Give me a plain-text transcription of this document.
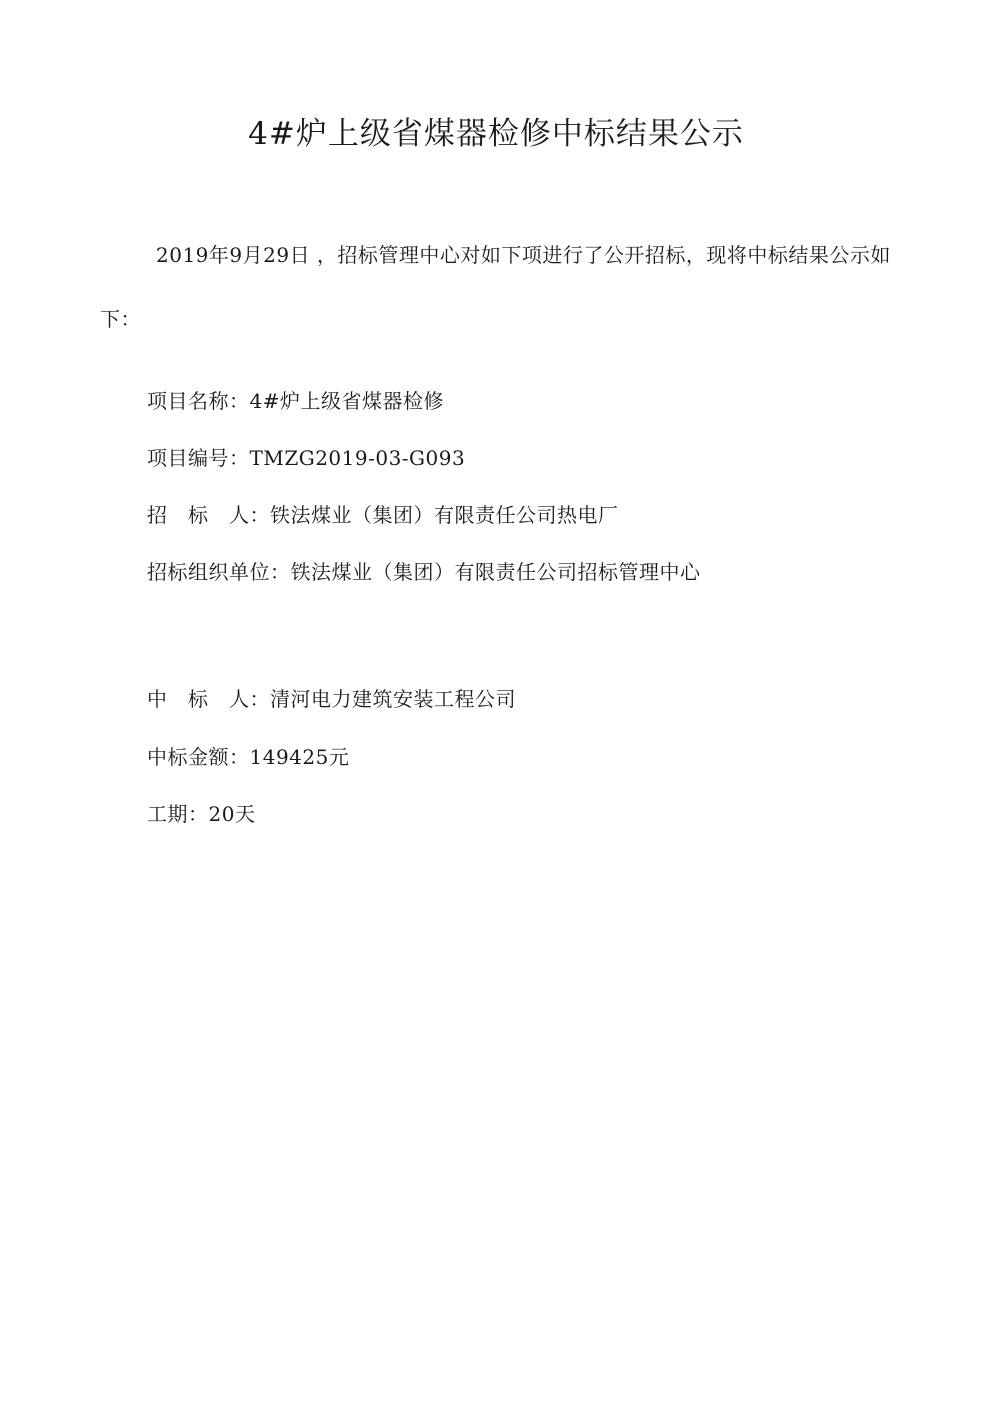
4#炉上级省煤器检修中标结果公示

2019年9月29日 ，招标管理中心对如下项进行了公开招标，现将中标结果公示如下：

项目名称：4#炉上级省煤器检修
项目编号：TMZG2019-03-G093
招　标　人：铁法煤业（集团）有限责任公司热电厂
招标组织单位：铁法煤业（集团）有限责任公司招标管理中心
中　标　人：清河电力建筑安装工程公司
中标金额：149425元
工期：20天
